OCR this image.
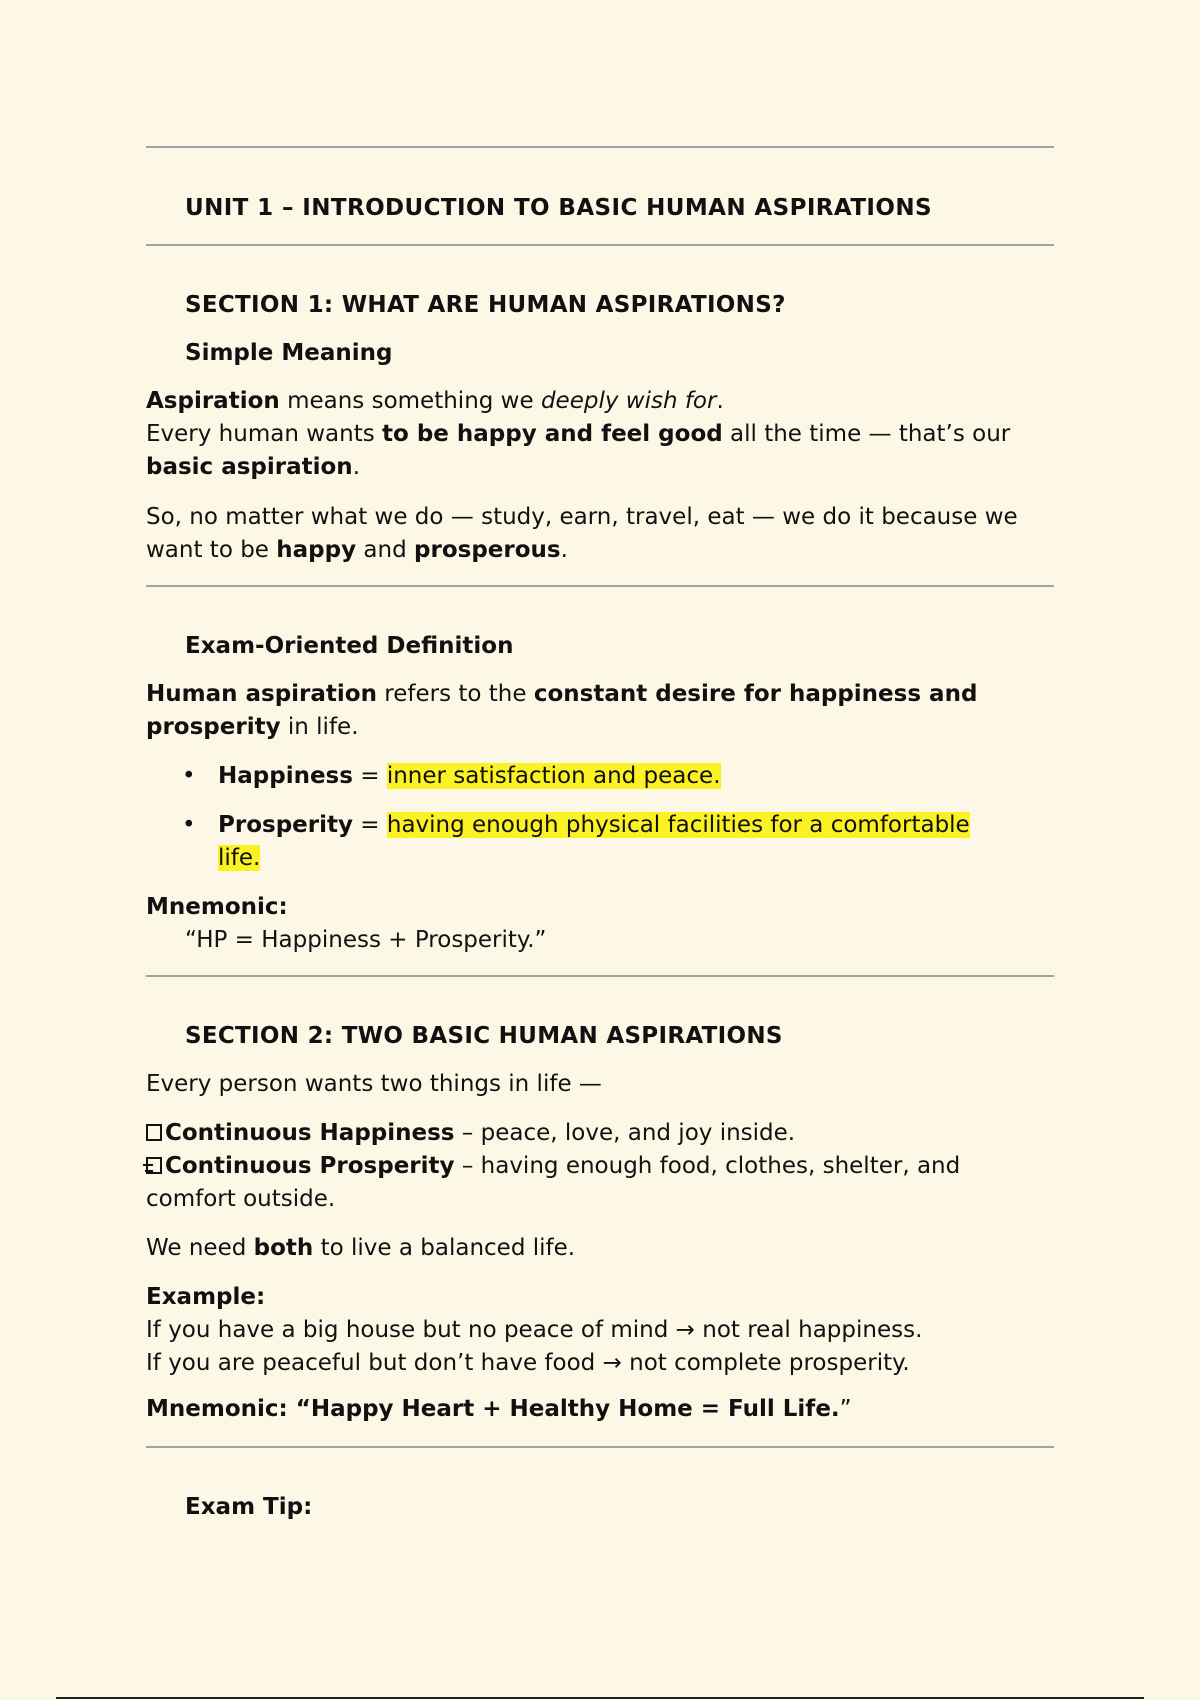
UNIT 1 – INTRODUCTION TO BASIC HUMAN ASPIRATIONS
SECTION 1: WHAT ARE HUMAN ASPIRATIONS?
Simple Meaning

Aspiration means something we deeply wish for.
Every human wants to be happy and feel good all the time — that’s our basic aspiration.

So, no matter what we do — study, earn, travel, eat — we do it because we want to be happy and prosperous.

Exam-Oriented Definition

Human aspiration refers to the constant desire for happiness and prosperity in life.

• Happiness = inner satisfaction and peace.
• Prosperity = having enough physical facilities for a comfortable life.

Mnemonic:
“HP = Happiness + Prosperity.”

SECTION 2: TWO BASIC HUMAN ASPIRATIONS

Every person wants two things in life —

Continuous Happiness – peace, love, and joy inside.
Continuous Prosperity – having enough food, clothes, shelter, and comfort outside.

We need both to live a balanced life.

Example:
If you have a big house but no peace of mind → not real happiness.
If you are peaceful but don’t have food → not complete prosperity.

Mnemonic: “Happy Heart + Healthy Home = Full Life.”

Exam Tip:
